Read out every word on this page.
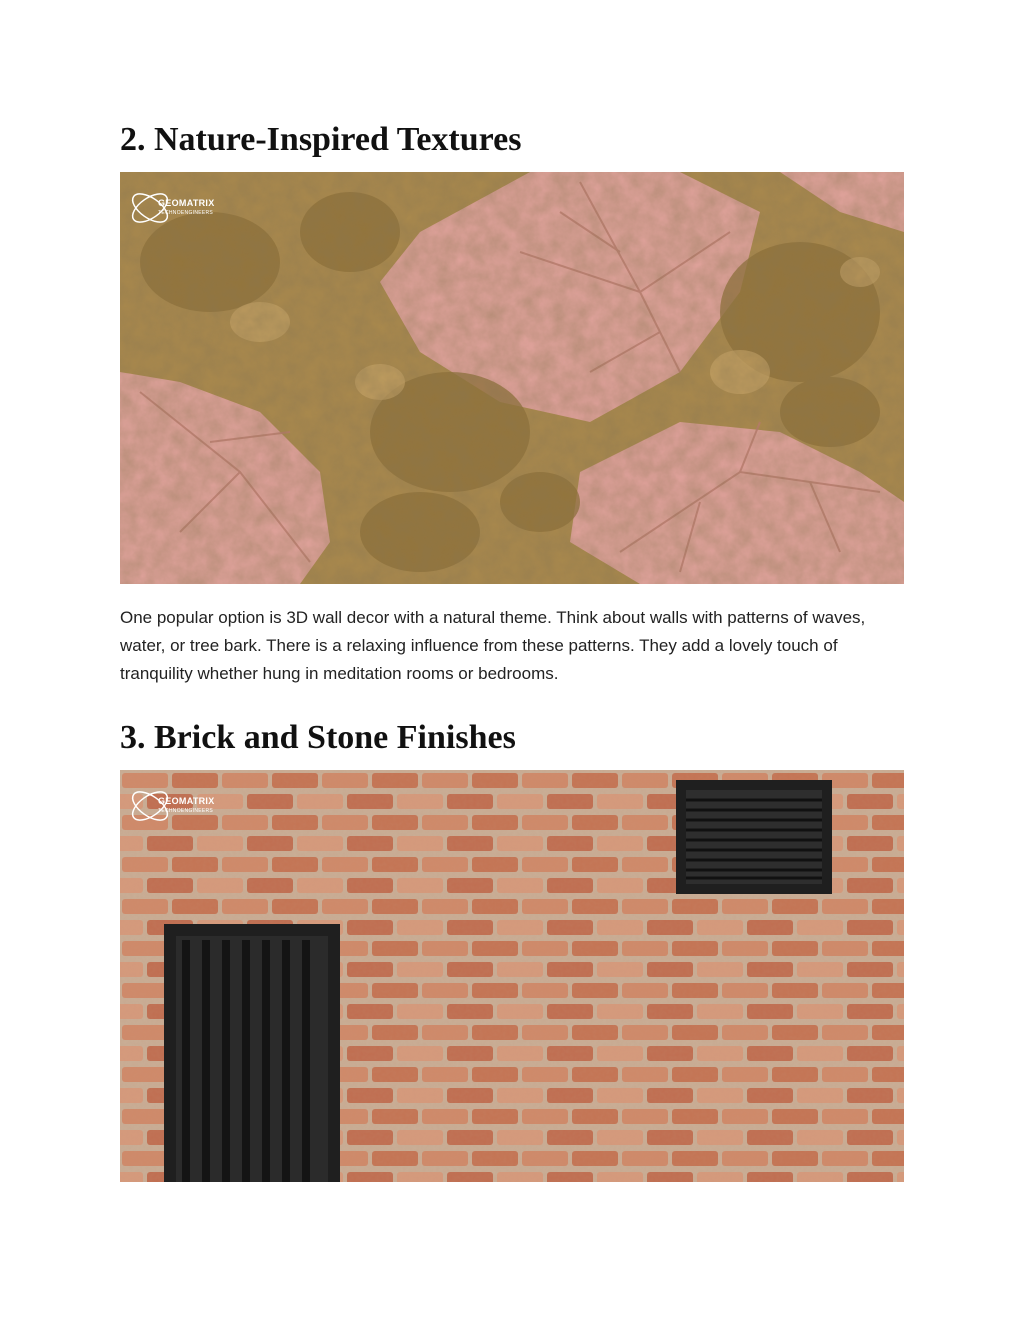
2. Nature-Inspired Textures
GEOMATRIX
TECHNOENGINEERS

One popular option is 3D wall decor with a natural theme. Think about walls with patterns of waves, water, or tree bark. There is a relaxing influence from these patterns. They add a lovely touch of tranquility whether hung in meditation rooms or bedrooms.

3. Brick and Stone Finishes
GEOMATRIX
TECHNOENGINEERS
